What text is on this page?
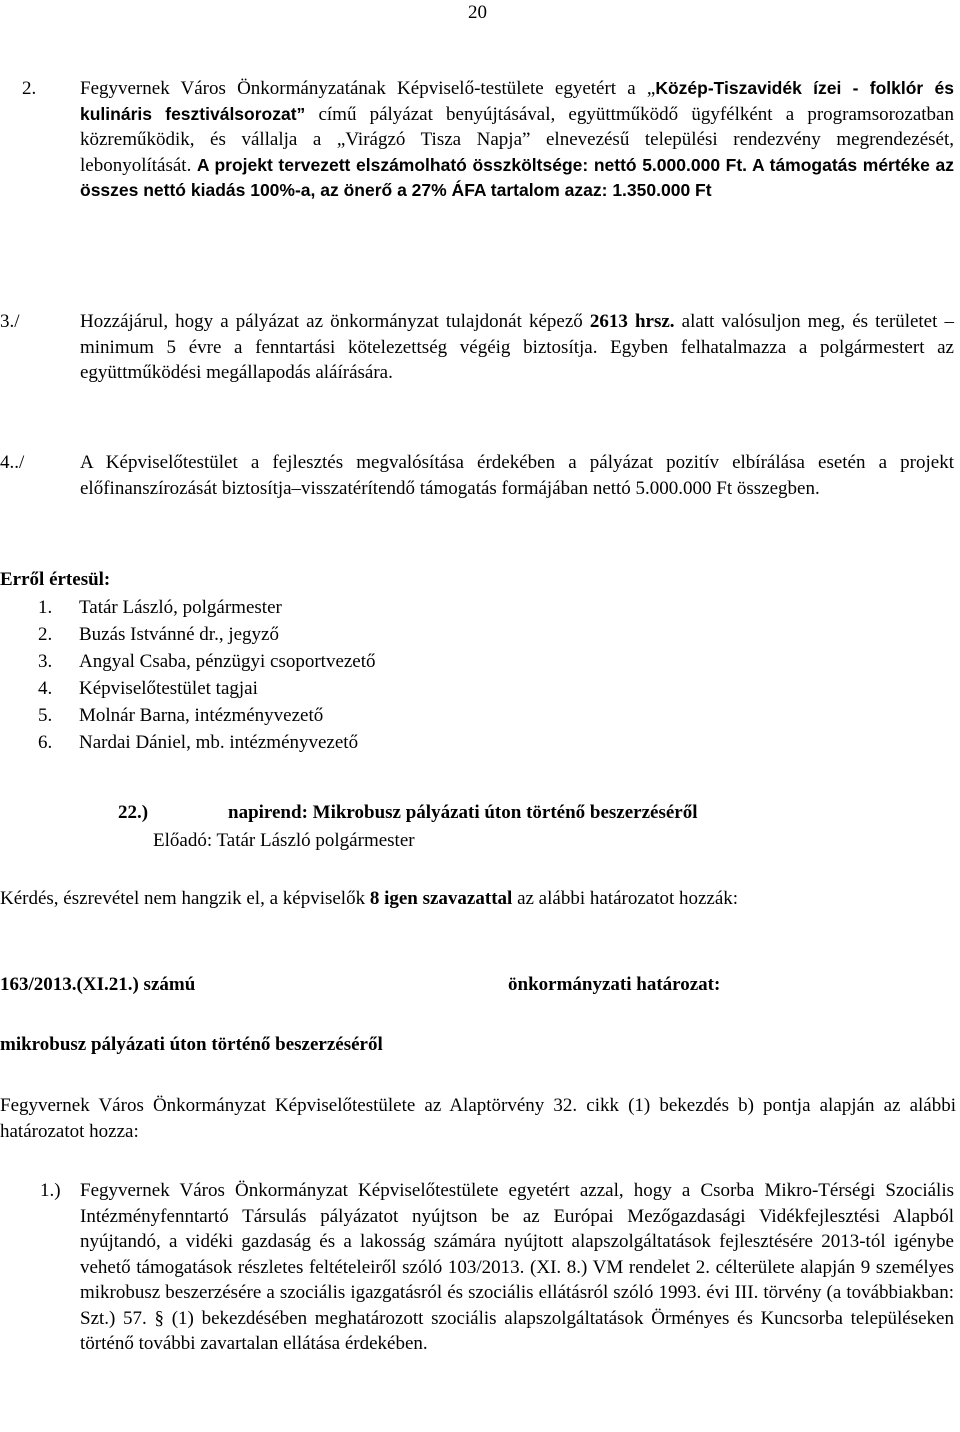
20
2. Fegyvernek Város Önkormányzatának Képviselő-testülete egyetért a „Közép-Tiszavidék ízei - folklór és kulináris fesztiválsorozat” című pályázat benyújtásával, együttműködő ügyfélként a programsorozatban közreműködik, és vállalja a „Virágzó Tisza Napja” elnevezésű települési rendezvény megrendezését, lebonyolítását. A projekt tervezett elszámolható összköltsége: nettó 5.000.000 Ft. A támogatás mértéke az összes nettó kiadás 100%-a, az önerő a 27% ÁFA tartalom azaz: 1.350.000 Ft

3./	Hozzájárul, hogy a pályázat az önkormányzat tulajdonát képező 2613 hrsz. alatt valósuljon meg, és területet –minimum 5 évre a fenntartási kötelezettség végéig biztosítja. Egyben felhatalmazza a polgármestert az együttműködési megállapodás aláírására.

4../	A Képviselőtestület a fejlesztés megvalósítása érdekében a pályázat pozitív elbírálása esetén a projekt előfinanszírozását biztosítja–visszatérítendő támogatás formájában nettó 5.000.000 Ft összegben.

Erről értesül:
1. Tatár László, polgármester
2. Buzás Istvánné dr., jegyző
3. Angyal Csaba, pénzügyi csoportvezető
4. Képviselőtestület tagjai
5. Molnár Barna, intézményvezető
6. Nardai Dániel, mb. intézményvezető
22.)	napirend: Mikrobusz pályázati úton történő beszerzéséről
Előadó: Tatár László polgármester

Kérdés, észrevétel nem hangzik el, a képviselők 8 igen szavazattal az alábbi határozatot hozzák:

163/2013.(XI.21.) számú	önkormányzati határozat:
mikrobusz pályázati úton történő beszerzéséről

Fegyvernek Város Önkormányzat Képviselőtestülete az Alaptörvény 32. cikk (1) bekezdés b) pontja alapján az alábbi határozatot hozza:

1.) Fegyvernek Város Önkormányzat Képviselőtestülete egyetért azzal, hogy a Csorba Mikro-Térségi Szociális Intézményfenntartó Társulás pályázatot nyújtson be az Európai Mezőgazdasági Vidékfejlesztési Alapból nyújtandó, a vidéki gazdaság és a lakosság számára nyújtott alapszolgáltatások fejlesztésére 2013-tól igénybe vehető támogatások részletes feltételeiről szóló 103/2013. (XI. 8.) VM rendelet 2. célterülete alapján 9 személyes mikrobusz beszerzésére a szociális igazgatásról és szociális ellátásról szóló 1993. évi III. törvény (a továbbiakban: Szt.) 57. § (1) bekezdésében meghatározott szociális alapszolgáltatások Örményes és Kuncsorba településeken történő további zavartalan ellátása érdekében.
